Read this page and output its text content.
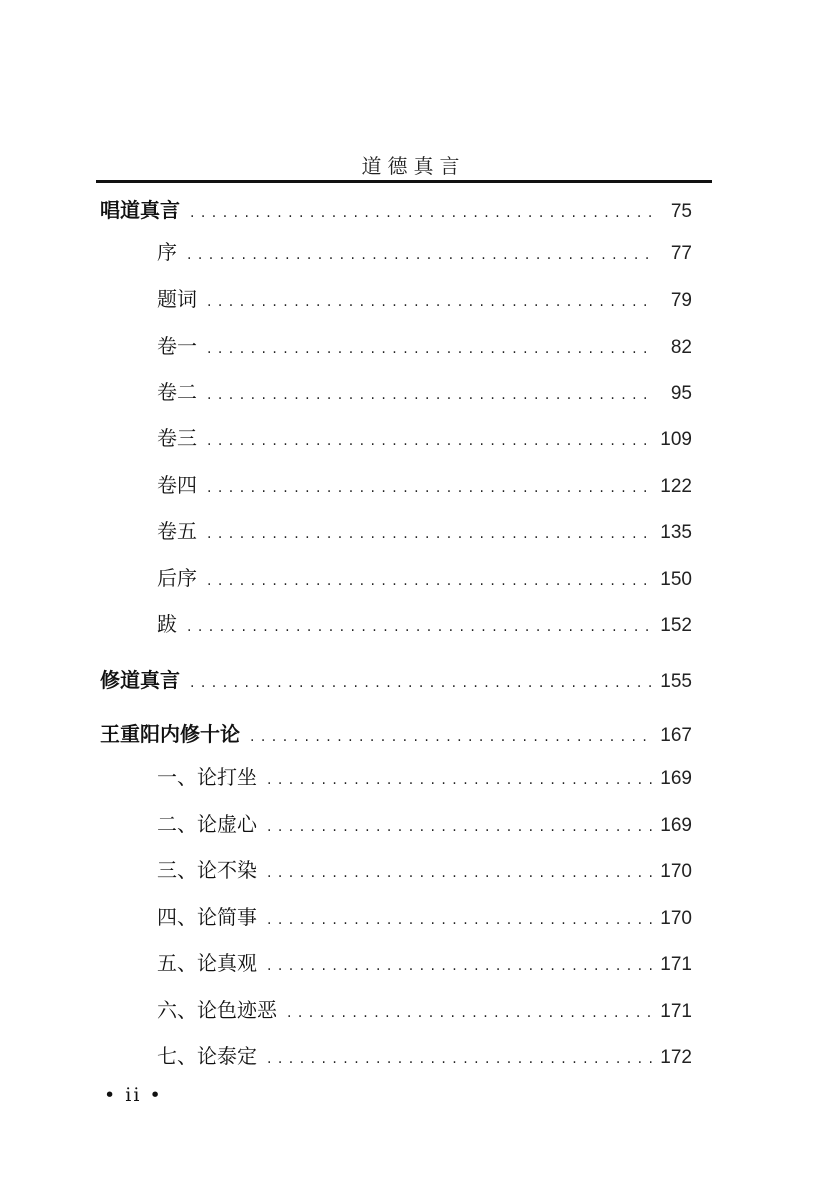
道德真言
唱道真言 . . .	75
序 . . .	77
题词 . . .	79
卷一 . . .	82
卷二 . . .	95
卷三 . . .	109
卷四 . . .	122
卷五 . . .	135
后序 . . .	150
跋 . . .	152
修道真言 . . .	155
王重阳内修十论 . . .	167
一、论打坐 . . .	169
二、论虚心 . . .	169
三、论不染 . . .	170
四、论简事 . . .	170
五、论真观 . . .	171
六、论色迹恶 . . .	171
七、论泰定 . . .	172
• ii •
